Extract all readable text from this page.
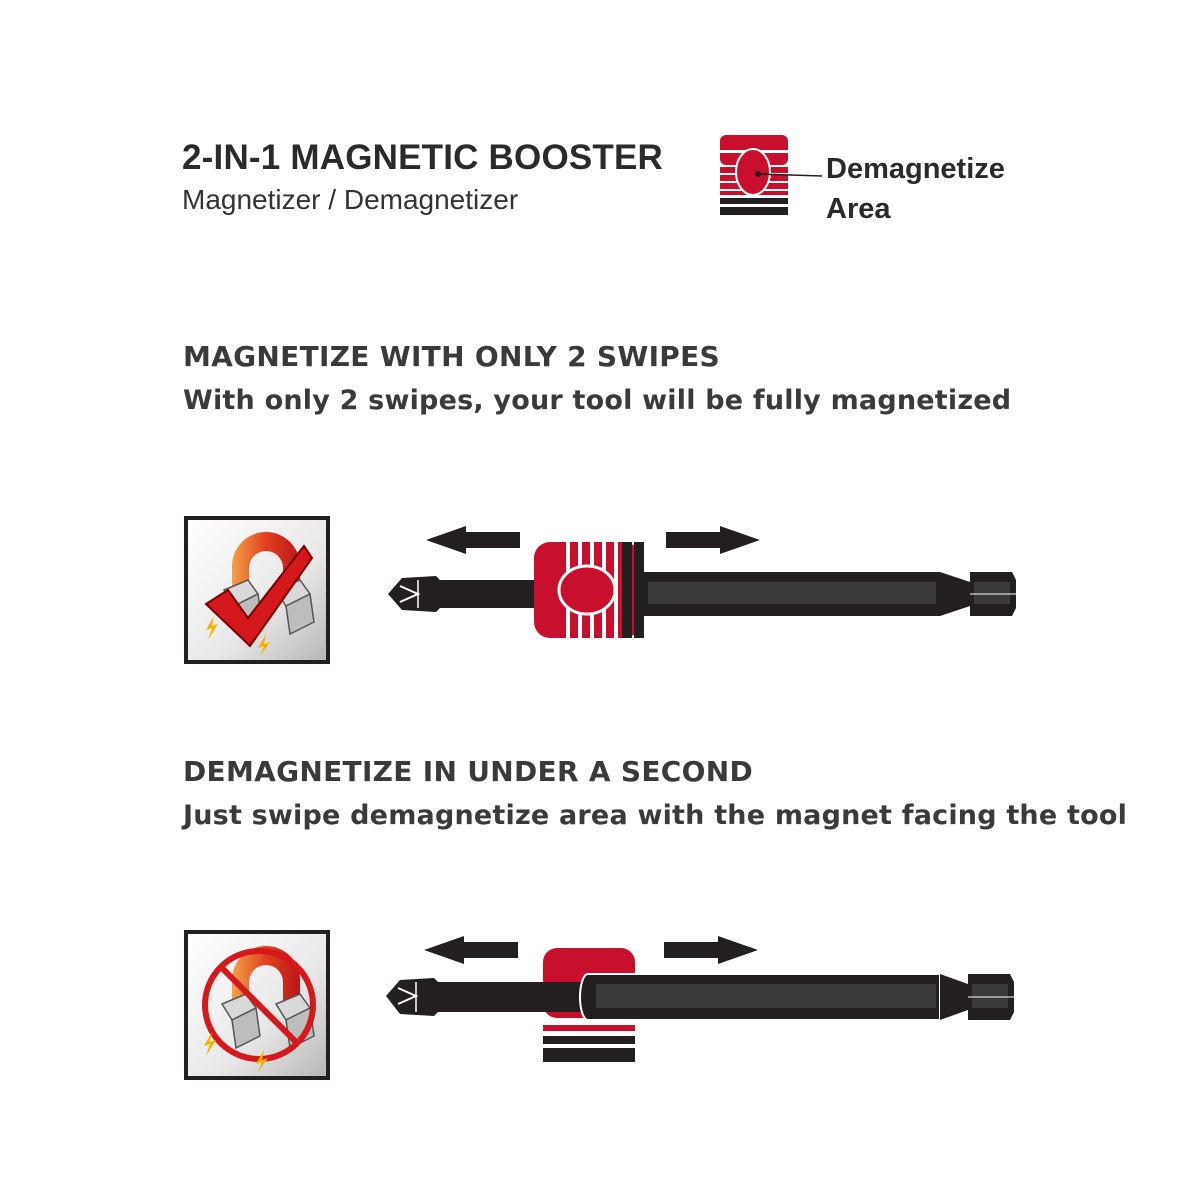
2-IN-1 MAGNETIC BOOSTER
Magnetizer / Demagnetizer
Demagnetize
Area
MAGNETIZE WITH ONLY 2 SWIPES
With only 2 swipes, your tool will be fully magnetized
DEMAGNETIZE IN UNDER A SECOND
Just swipe demagnetize area with the magnet facing the tool
